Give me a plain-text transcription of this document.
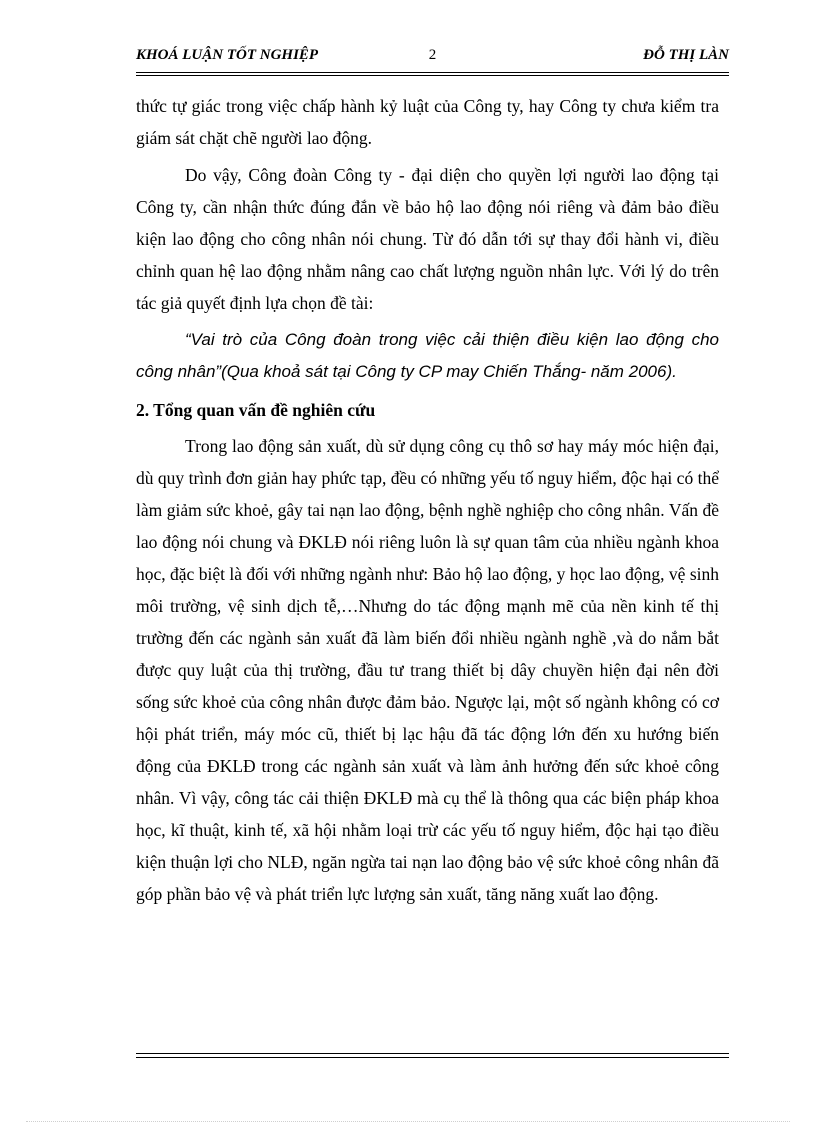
KHOÁ LUẬN TỐT NGHIỆP	2	ĐỖ THỊ LÀN

thức tự giác trong việc chấp hành kỷ luật của Công ty, hay Công ty chưa kiểm tra giám sát chặt chẽ người lao động.

Do vậy, Công đoàn Công ty - đại diện cho quyền lợi người lao động tại Công ty, cần nhận thức đúng đắn về bảo hộ lao động nói riêng và đảm bảo điều kiện lao động cho công nhân nói chung. Từ đó dẫn tới sự thay đổi hành vi, điều chỉnh quan hệ lao động nhằm nâng cao chất lượng nguồn nhân lực. Với lý do trên tác giả quyết định lựa chọn đề tài:

“Vai trò của Công đoàn trong việc cải thiện điều kiện lao động cho công nhân”(Qua khoả sát tại Công ty CP may Chiến Thắng- năm 2006).

2. Tổng quan vấn đề nghiên cứu

Trong lao động sản xuất, dù sử dụng công cụ thô sơ hay máy móc hiện đại, dù quy trình đơn giản hay phức tạp, đều có những yếu tố nguy hiểm, độc hại có thể làm giảm sức khoẻ, gây tai nạn lao động, bệnh nghề nghiệp cho công nhân. Vấn đề lao động nói chung và ĐKLĐ nói riêng luôn là sự quan tâm của nhiều ngành khoa học, đặc biệt là đối với những ngành như: Bảo hộ lao động, y học lao động, vệ sinh môi trường, vệ sinh dịch tễ,…Nhưng do tác động mạnh mẽ của nền kinh tế thị trường đến các ngành sản xuất đã làm biến đổi nhiều ngành nghề ,và do nắm bắt được quy luật của thị trường, đầu tư trang thiết bị dây chuyền hiện đại nên đời sống sức khoẻ của công nhân được đảm bảo. Ngược lại, một số ngành không có cơ hội phát triển, máy móc cũ, thiết bị lạc hậu đã tác động lớn đến xu hướng biến động của ĐKLĐ trong các ngành sản xuất và làm ảnh hưởng đến sức khoẻ công nhân. Vì vậy, công tác cải thiện ĐKLĐ mà cụ thể là thông qua các biện pháp khoa học, kĩ thuật, kinh tế, xã hội nhằm loại trừ các yếu tố nguy hiểm, độc hại tạo điều kiện thuận lợi cho NLĐ, ngăn ngừa tai nạn lao động bảo vệ sức khoẻ công nhân đã góp phần bảo vệ và phát triển lực lượng sản xuất, tăng năng xuất lao động.
